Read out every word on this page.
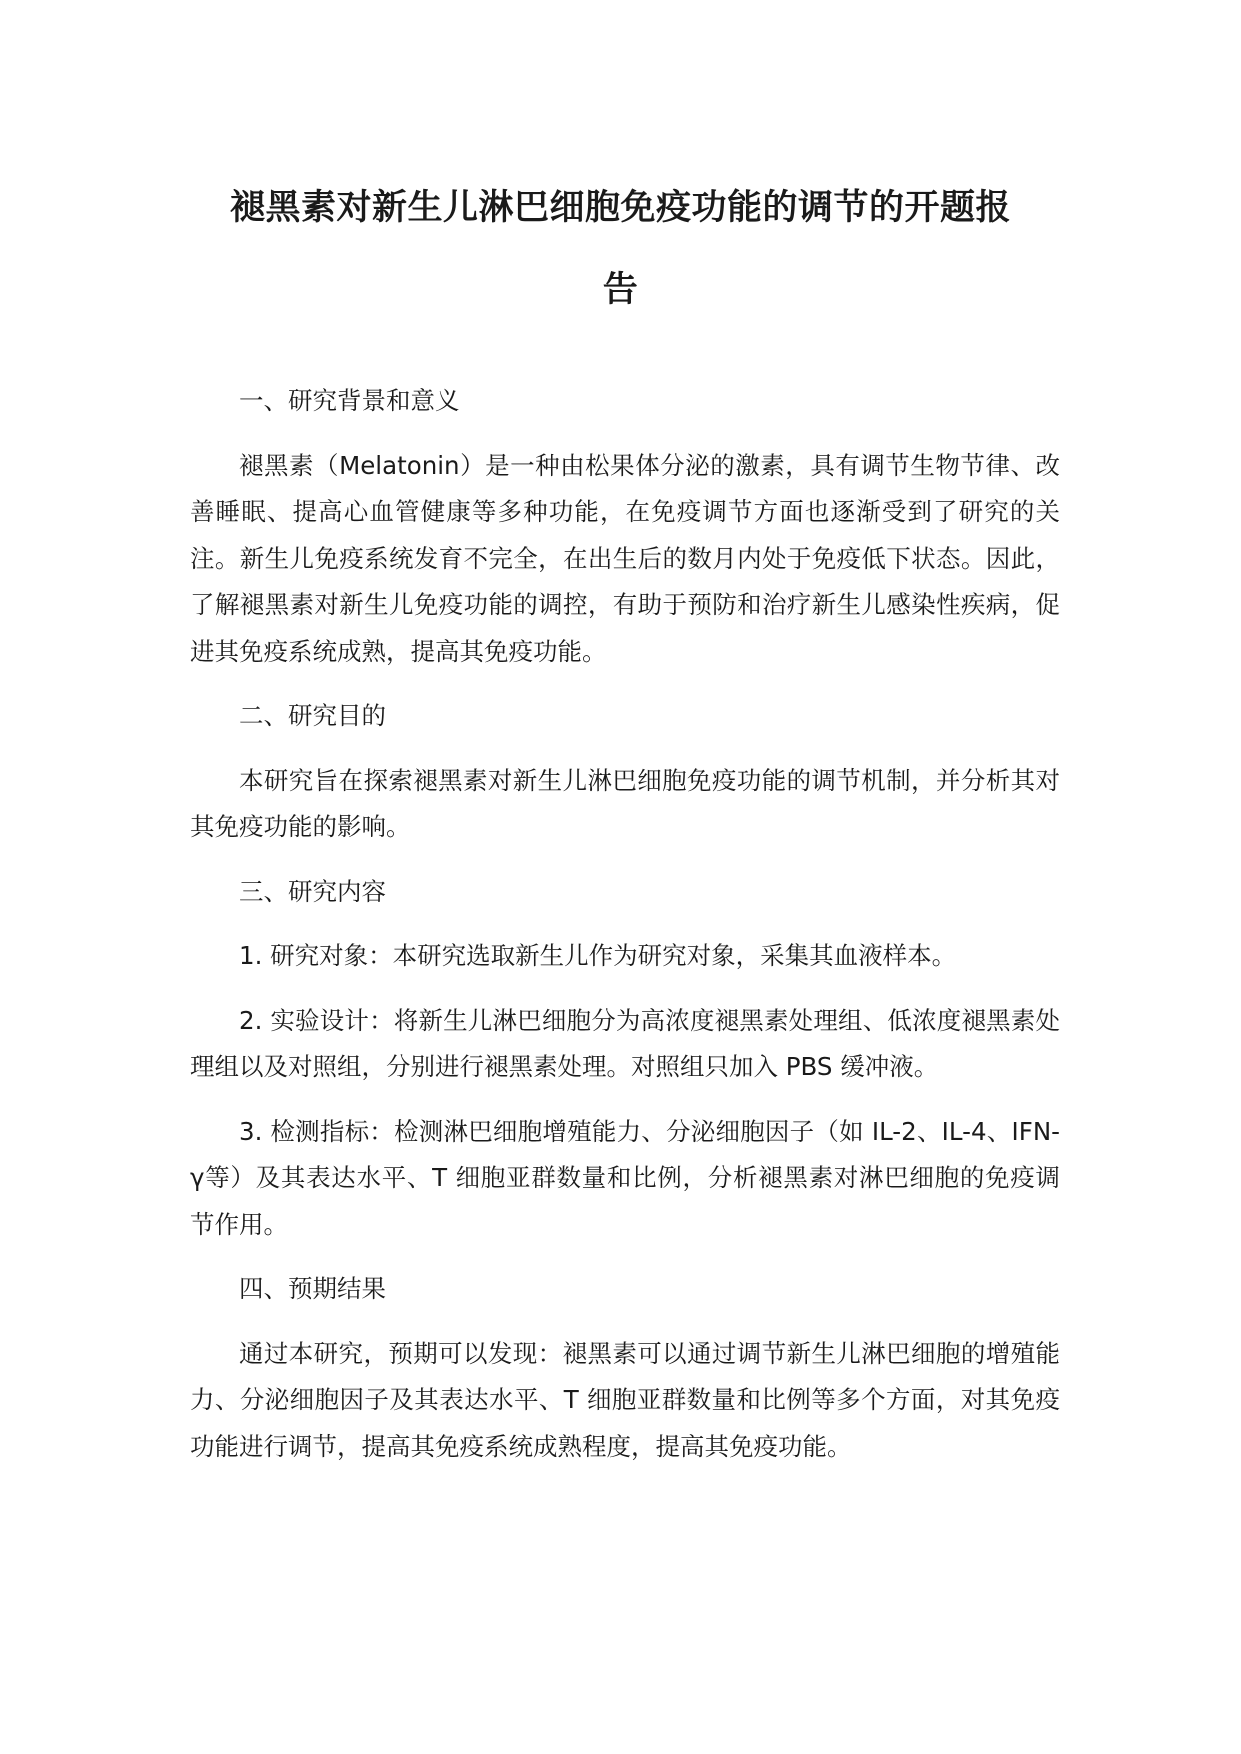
褪黑素对新生儿淋巴细胞免疫功能的调节的开题报
告

一、研究背景和意义

褪黑素（Melatonin）是一种由松果体分泌的激素，具有调节生物节律、改善睡眠、提高心血管健康等多种功能，在免疫调节方面也逐渐受到了研究的关注。新生儿免疫系统发育不完全，在出生后的数月内处于免疫低下状态。因此，了解褪黑素对新生儿免疫功能的调控，有助于预防和治疗新生儿感染性疾病，促进其免疫系统成熟，提高其免疫功能。

二、研究目的

本研究旨在探索褪黑素对新生儿淋巴细胞免疫功能的调节机制，并分析其对其免疫功能的影响。

三、研究内容

1. 研究对象：本研究选取新生儿作为研究对象，采集其血液样本。

2. 实验设计：将新生儿淋巴细胞分为高浓度褪黑素处理组、低浓度褪黑素处理组以及对照组，分别进行褪黑素处理。对照组只加入 PBS 缓冲液。

3. 检测指标：检测淋巴细胞增殖能力、分泌细胞因子（如 IL-2、IL-4、IFN-γ等）及其表达水平、T 细胞亚群数量和比例，分析褪黑素对淋巴细胞的免疫调节作用。

四、预期结果

通过本研究，预期可以发现：褪黑素可以通过调节新生儿淋巴细胞的增殖能力、分泌细胞因子及其表达水平、T 细胞亚群数量和比例等多个方面，对其免疫功能进行调节，提高其免疫系统成熟程度，提高其免疫功能。
